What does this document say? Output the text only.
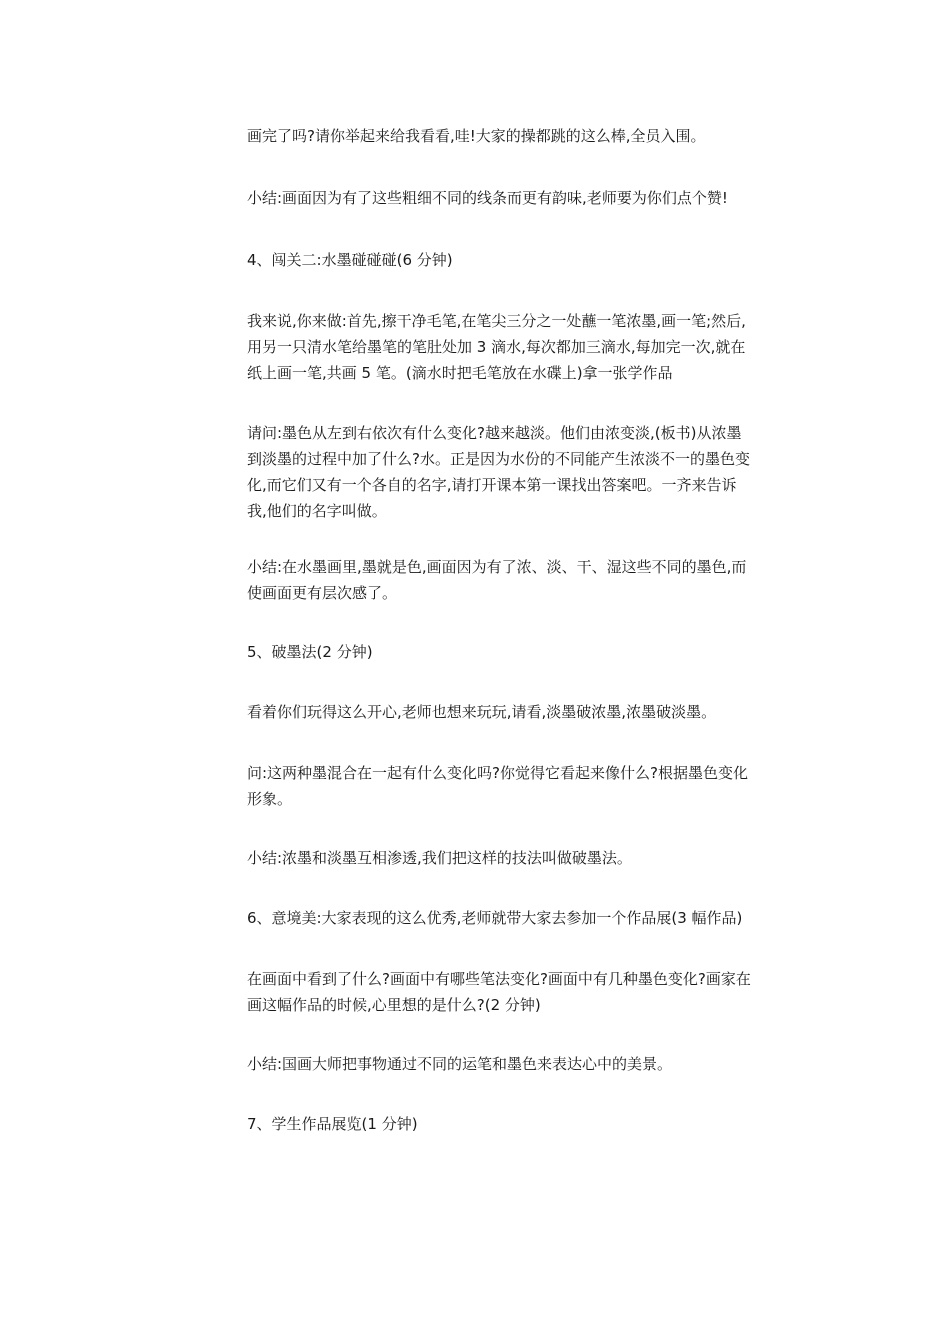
画完了吗?请你举起来给我看看,哇!大家的操都跳的这么棒,全员入围。

小结:画面因为有了这些粗细不同的线条而更有韵味,老师要为你们点个赞!

4、闯关二:水墨碰碰碰(6 分钟)

我来说,你来做:首先,擦干净毛笔,在笔尖三分之一处蘸一笔浓墨,画一笔;然后,
用另一只清水笔给墨笔的笔肚处加 3 滴水,每次都加三滴水,每加完一次,就在
纸上画一笔,共画 5 笔。(滴水时把毛笔放在水碟上)拿一张学作品

请问:墨色从左到右依次有什么变化?越来越淡。他们由浓变淡,(板书)从浓墨
到淡墨的过程中加了什么?水。正是因为水份的不同能产生浓淡不一的墨色变
化,而它们又有一个各自的名字,请打开课本第一课找出答案吧。一齐来告诉
我,他们的名字叫做。

小结:在水墨画里,墨就是色,画面因为有了浓、淡、干、湿这些不同的墨色,而
使画面更有层次感了。

5、破墨法(2 分钟)

看着你们玩得这么开心,老师也想来玩玩,请看,淡墨破浓墨,浓墨破淡墨。

问:这两种墨混合在一起有什么变化吗?你觉得它看起来像什么?根据墨色变化
形象。

小结:浓墨和淡墨互相渗透,我们把这样的技法叫做破墨法。

6、意境美:大家表现的这么优秀,老师就带大家去参加一个作品展(3 幅作品)

在画面中看到了什么?画面中有哪些笔法变化?画面中有几种墨色变化?画家在
画这幅作品的时候,心里想的是什么?(2 分钟)

小结:国画大师把事物通过不同的运笔和墨色来表达心中的美景。

7、学生作品展览(1 分钟)
